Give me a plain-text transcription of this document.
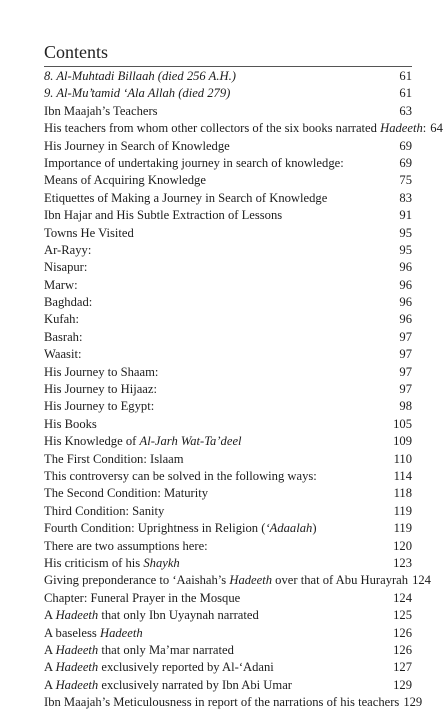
Contents
8. Al-Muhtadi Billaah (died 256 A.H.)	61
9. Al-Mu’tamid ‘Ala Allah (died 279)	61
Ibn Maajah’s Teachers	63
His teachers from whom other collectors of the six books narrated Hadeeth: 64
His Journey in Search of Knowledge	69
Importance of undertaking journey in search of knowledge:	69
Means of Acquiring Knowledge	75
Etiquettes of Making a Journey in Search of Knowledge	83
Ibn Hajar and His Subtle Extraction of Lessons	91
Towns He Visited	95
Ar-Rayy:	95
Nisapur:	96
Marw:	96
Baghdad:	96
Kufah:	96
Basrah:	97
Waasit:	97
His Journey to Shaam:	97
His Journey to Hijaaz:	97
His Journey to Egypt:	98
His Books	105
His Knowledge of Al-Jarh Wat-Ta’deel	109
The First Condition: Islaam	110
This controversy can be solved in the following ways:	114
The Second Condition: Maturity	118
Third Condition: Sanity	119
Fourth Condition: Uprightness in Religion (‘Adaalah)	119
There are two assumptions here:	120
His criticism of his Shaykh	123
Giving preponderance to ‘Aaishah’s Hadeeth over that of Abu Hurayrah 124
Chapter: Funeral Prayer in the Mosque	124
A Hadeeth that only Ibn Uyaynah narrated	125
A baseless Hadeeth	126
A Hadeeth that only Ma’mar narrated	126
A Hadeeth exclusively reported by Al-‘Adani	127
A Hadeeth exclusively narrated by Ibn Abi Umar	129
Ibn Maajah’s Meticulousness in report of the narrations of his teachers 129
